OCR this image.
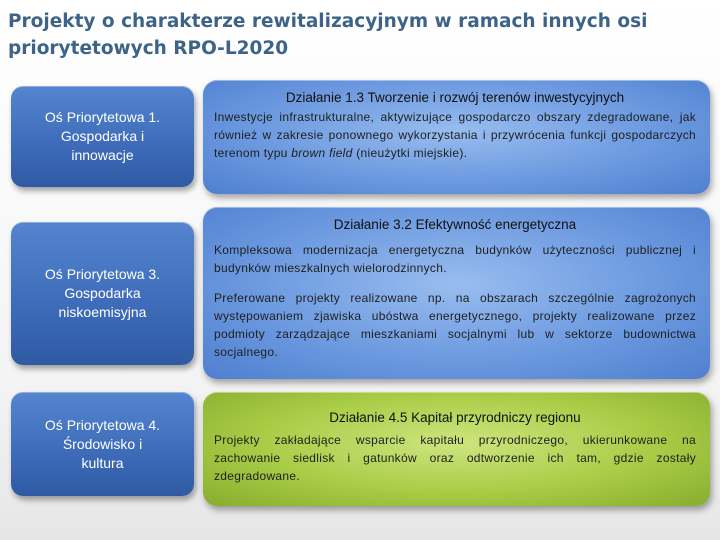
Projekty o charakterze rewitalizacyjnym w ramach innych osi priorytetowych RPO-L2020
Oś Priorytetowa 1.
Gospodarka i
innowacje
Oś Priorytetowa 3.
Gospodarka
niskoemisyjna
Oś Priorytetowa 4.
Środowisko i
kultura
Działanie 1.3 Tworzenie i rozwój terenów inwestycyjnych
Inwestycje infrastrukturalne, aktywizujące gospodarczo obszary zdegradowane, jak również w zakresie ponownego wykorzystania i przywrócenia funkcji gospodarczych terenom typu brown field (nieużytki miejskie).
Działanie 3.2 Efektywność energetyczna
Kompleksowa modernizacja energetyczna budynków użyteczności publicznej i budynków mieszkalnych wielorodzinnych.
Preferowane projekty realizowane np. na obszarach szczególnie zagrożonych występowaniem zjawiska ubóstwa energetycznego, projekty realizowane przez podmioty zarządzające mieszkaniami socjalnymi lub w sektorze budownictwa socjalnego.
Działanie 4.5 Kapitał przyrodniczy regionu
Projekty zakładające wsparcie kapitału przyrodniczego, ukierunkowane na zachowanie siedlisk i gatunków oraz odtworzenie ich tam, gdzie zostały zdegradowane.
